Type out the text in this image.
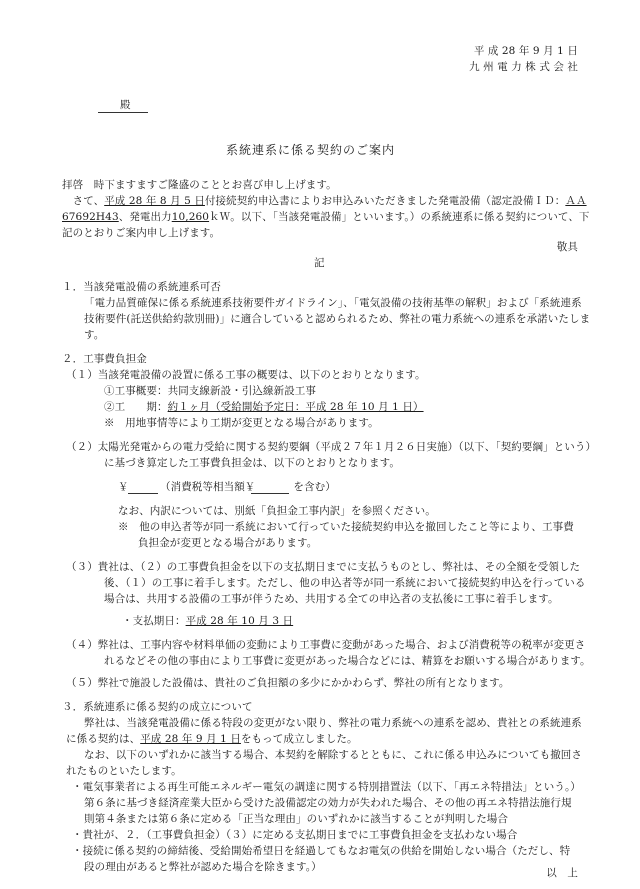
平 成 28 年 9 月 1 日
九 州 電 力 株 式 会 社
殿
系統連系に係る契約のご案内
拝啓　時下ますますご隆盛のこととお喜び申し上げます。
　さて、平成 28 年 8 月 5 日付接続契約申込書によりお申込みいただきました発電設備（認定設備ＩＤ：ＡＡ
67692H43、発電出力10,260ｋＷ。以下、「当該発電設備」といいます。）の系統連系に係る契約について、下
記のとおりご案内申し上げます。
敬具
記
１．当該発電設備の系統連系可否
「電力品質確保に係る系統連系技術要件ガイドライン」、「電気設備の技術基準の解釈」および「系統連系
技術要件(託送供給約款別冊)」に適合していると認められるため、弊社の電力系統への連系を承諾いたしま
す。
２．工事費負担金
（１）当該発電設備の設置に係る工事の概要は、以下のとおりとなります。
①工事概要：共同支線新設・引込線新設工事
②工　　期：約１ヶ月（受給開始予定日：平成 28 年 10 月 1 日）
※　用地事情等により工期が変更となる場合があります。
（２）太陽光発電からの電力受給に関する契約要綱（平成２７年１月２６日実施）（以下、「契約要綱」という）
に基づき算定した工事費負担金は、以下のとおりとなります。
￥	（消費税等相当額￥	を含む）
なお、内訳については、別紙「負担金工事内訳」を参照ください。
※　他の申込者等が同一系統において行っていた接続契約申込を撤回したこと等により、工事費
負担金が変更となる場合があります。
（３）貴社は、（２）の工事費負担金を以下の支払期日までに支払うものとし、弊社は、その全額を受領した
後、（１）の工事に着手します。ただし、他の申込者等が同一系統において接続契約申込を行っている
場合は、共用する設備の工事が伴うため、共用する全ての申込者の支払後に工事に着手します。
・支払期日：平成 28 年 10 月 3 日
（４）弊社は、工事内容や材料単価の変動により工事費に変動があった場合、および消費税等の税率が変更さ
れるなどその他の事由により工事費に変更があった場合などには、精算をお願いする場合があります。
（５）弊社で施設した設備は、貴社のご負担額の多少にかかわらず、弊社の所有となります。
３．系統連系に係る契約の成立について
弊社は、当該発電設備に係る特段の変更がない限り、弊社の電力系統への連系を認め、貴社との系統連系
に係る契約は、平成 28 年 9 月 1 日をもって成立しました。
なお、以下のいずれかに該当する場合、本契約を解除するとともに、これに係る申込みについても撤回さ
れたものといたします。
・電気事業者による再生可能エネルギー電気の調達に関する特別措置法（以下、「再エネ特措法」という。）
第６条に基づき経済産業大臣から受けた設備認定の効力が失われた場合、その他の再エネ特措法施行規
則第４条または第６条に定める「正当な理由」のいずれかに該当することが判明した場合
・貴社が、２．（工事費負担金）（３）に定める支払期日までに工事費負担金を支払わない場合
・接続に係る契約の締結後、受給開始希望日を経過してもなお電気の供給を開始しない場合（ただし、特
段の理由があると弊社が認めた場合を除きます。）	以　上
